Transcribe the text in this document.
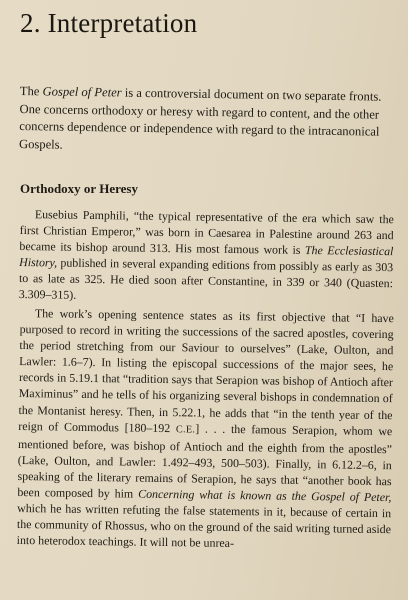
2. Interpretation

The Gospel of Peter is a controversial document on two separate fronts. One concerns orthodoxy or heresy with regard to content, and the other concerns dependence or independence with regard to the intracanonical Gospels.

Orthodoxy or Heresy

Eusebius Pamphili, “the typical representative of the era which saw the first Christian Emperor,” was born in Caesarea in Palestine around 263 and became its bishop around 313. His most famous work is The Ecclesiastical History, published in several expanding editions from possibly as early as 303 to as late as 325. He died soon after Constantine, in 339 or 340 (Quasten: 3.309–315).

The work’s opening sentence states as its first objective that “I have purposed to record in writing the successions of the sacred apostles, covering the period stretching from our Saviour to ourselves” (Lake, Oulton, and Lawler: 1.6–7). In listing the episcopal successions of the major sees, he records in 5.19.1 that “tradition says that Serapion was bishop of Antioch after Maximinus” and he tells of his organizing several bishops in condemnation of the Montanist heresy. Then, in 5.22.1, he adds that “in the tenth year of the reign of Commodus [180–192 C.E.] . . . the famous Serapion, whom we mentioned before, was bishop of Antioch and the eighth from the apostles” (Lake, Oulton, and Lawler: 1.492–493, 500–503). Finally, in 6.12.2–6, in speaking of the literary remains of Serapion, he says that “another book has been composed by him Concerning what is known as the Gospel of Peter, which he has written refuting the false statements in it, because of certain in the community of Rhossus, who on the ground of the said writing turned aside into heterodox teachings. It will not be unrea-
